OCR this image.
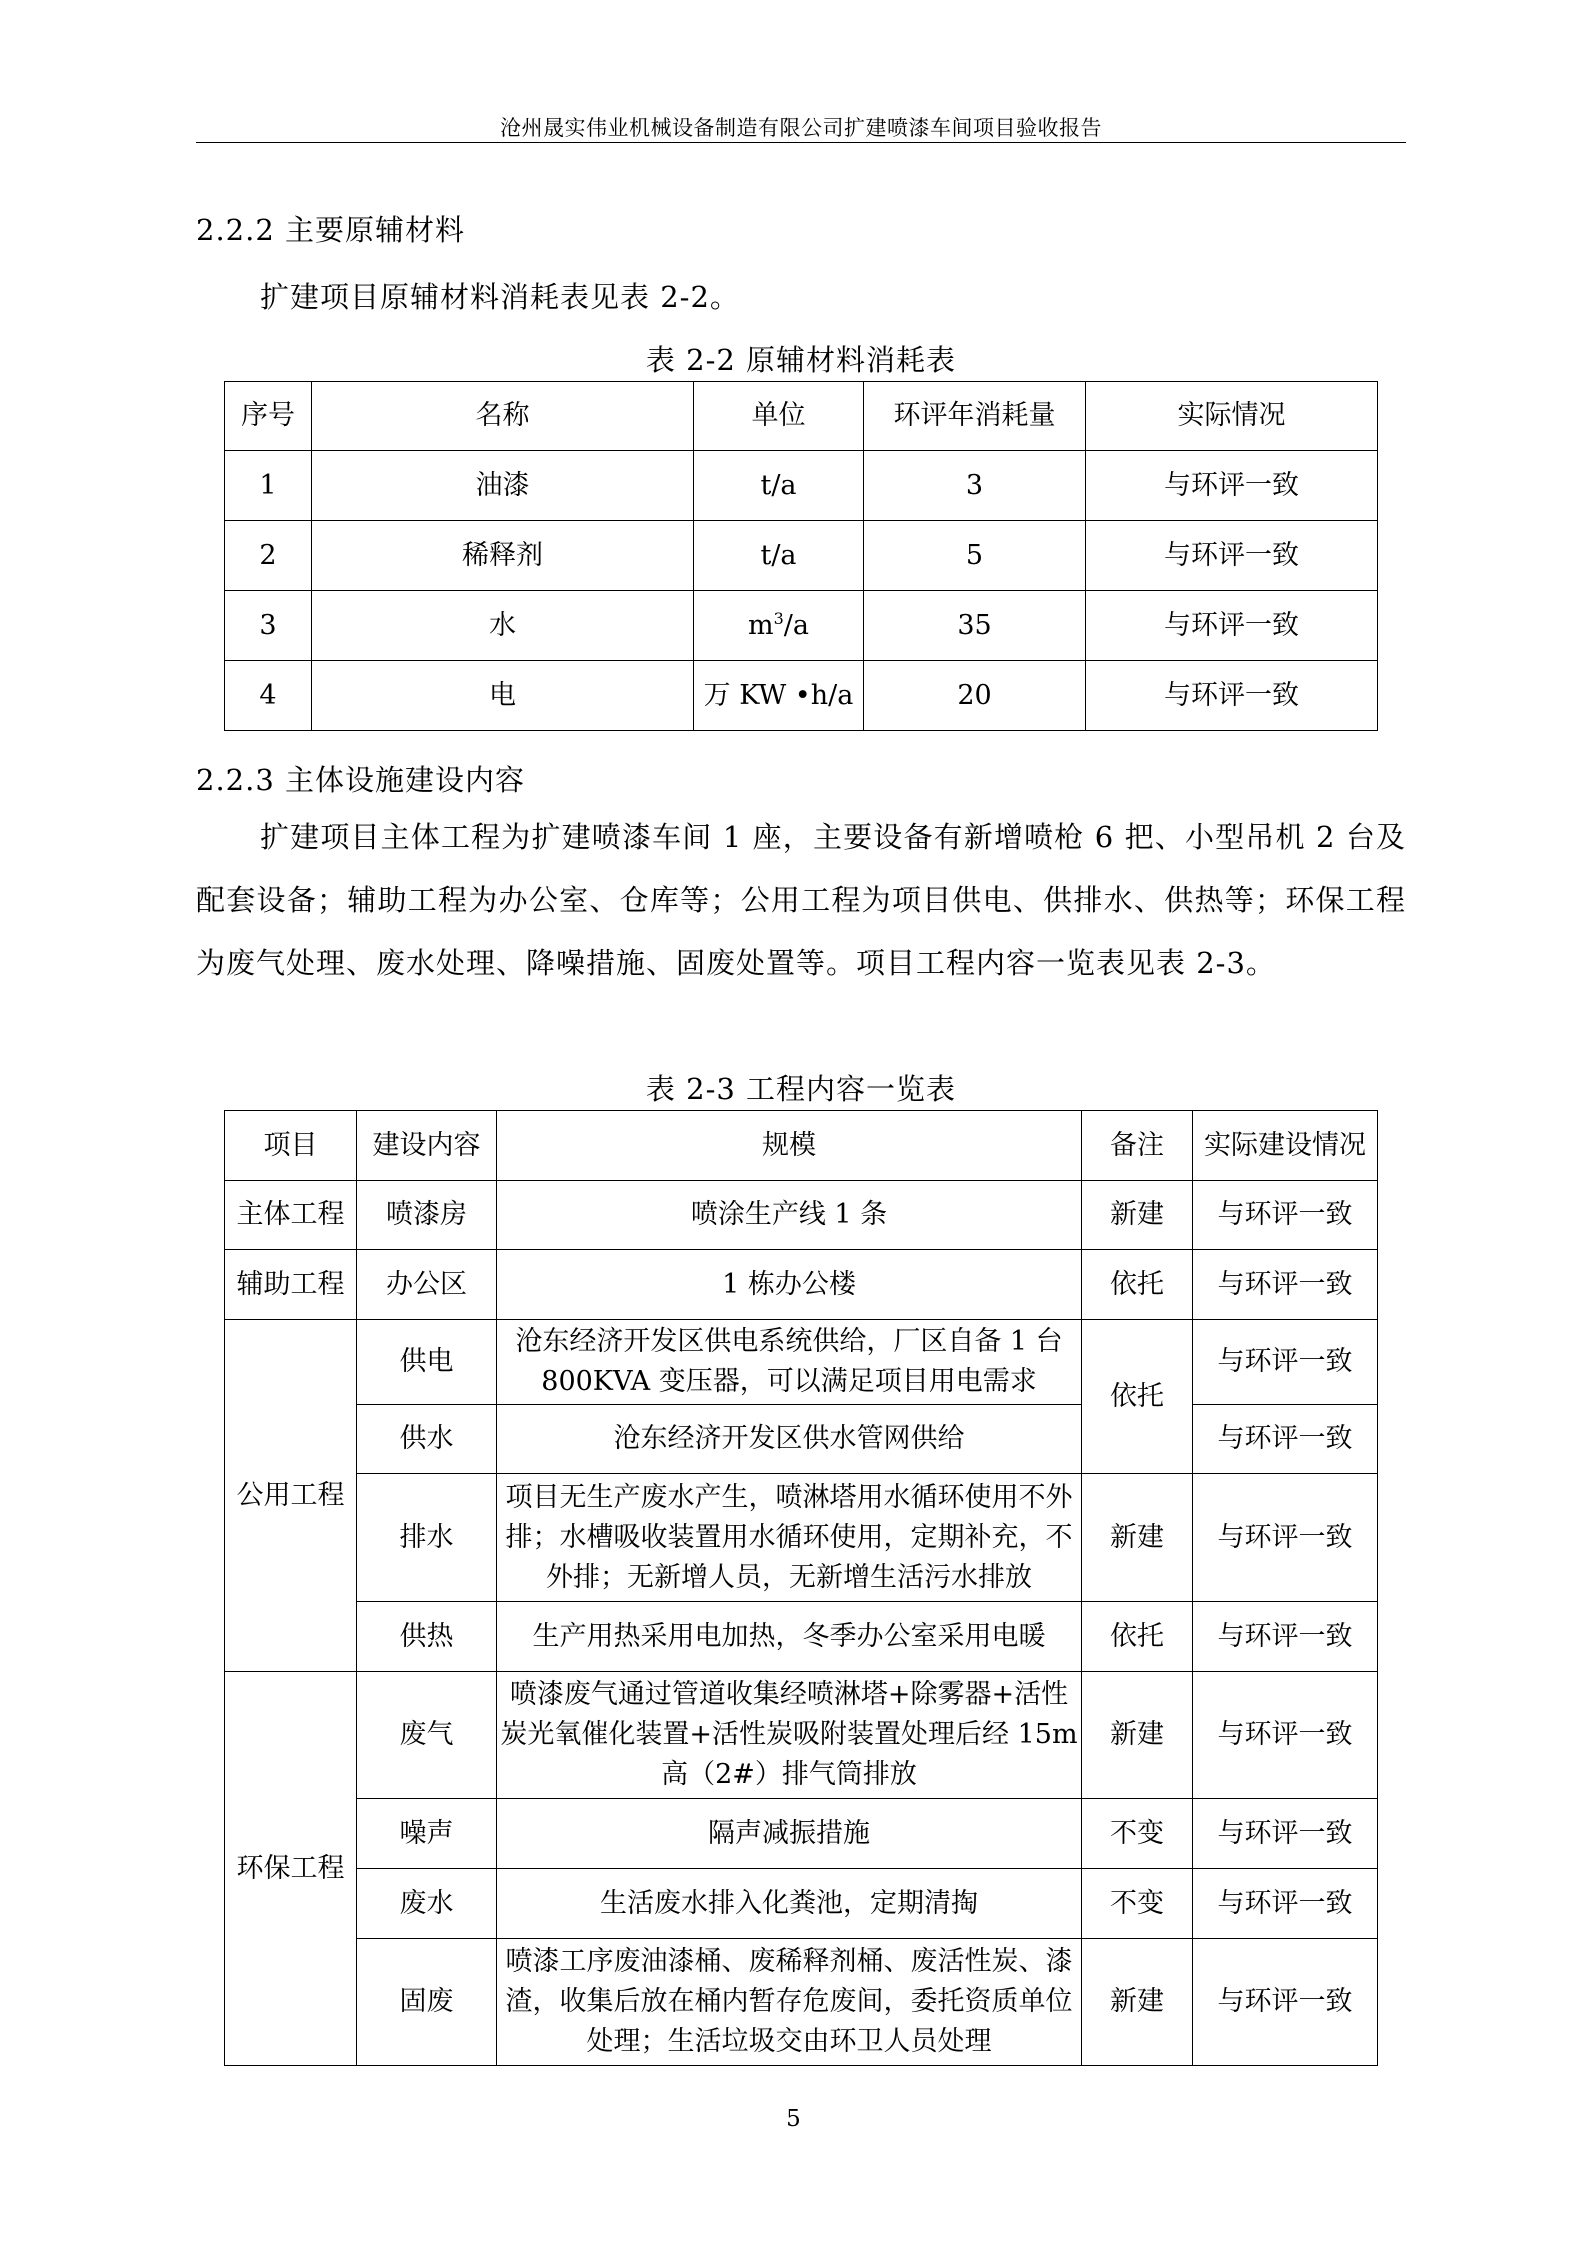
沧州晟实伟业机械设备制造有限公司扩建喷漆车间项目验收报告
2.2.2 主要原辅材料
扩建项目原辅材料消耗表见表 2-2。
表 2-2 原辅材料消耗表
序号	名称	单位	环评年消耗量	实际情况
1	油漆	t/a	3	与环评一致
2	稀释剂	t/a	5	与环评一致
3	水	$m^3/a$	35	与环评一致
4	电	万 KW •h/a	20	与环评一致
2.2.3 主体设施建设内容
扩建项目主体工程为扩建喷漆车间 1 座，主要设备有新增喷枪 6 把、小型吊机 2 台及配套设备；辅助工程为办公室、仓库等；公用工程为项目供电、供排水、供热等；环保工程为废气处理、废水处理、降噪措施、固废处置等。项目工程内容一览表见表 2-3。
表 2-3 工程内容一览表
项目	建设内容	规模	备注	实际建设情况
主体工程	喷漆房	喷涂生产线 1 条	新建	与环评一致
辅助工程	办公区	1 栋办公楼	依托	与环评一致
公用工程	供电	沧东经济开发区供电系统供给，厂区自备 1 台
800KVA 变压器，可以满足项目用电需求	依托	与环评一致
	供水	沧东经济开发区供水管网供给		与环评一致
	排水	项目无生产废水产生，喷淋塔用水循环使用不外
排；水槽吸收装置用水循环使用，定期补充，不
外排；无新增人员，无新增生活污水排放	新建	与环评一致
	供热	生产用热采用电加热，冬季办公室采用电暖	依托	与环评一致
环保工程	废气	喷漆废气通过管道收集经喷淋塔+除雾器+活性
炭光氧催化装置+活性炭吸附装置处理后经 15m
高（2#）排气筒排放	新建	与环评一致
	噪声	隔声减振措施	不变	与环评一致
	废水	生活废水排入化粪池，定期清掏	不变	与环评一致
	固废	喷漆工序废油漆桶、废稀释剂桶、废活性炭、漆
渣，收集后放在桶内暂存危废间，委托资质单位
处理；生活垃圾交由环卫人员处理	新建	与环评一致
5
